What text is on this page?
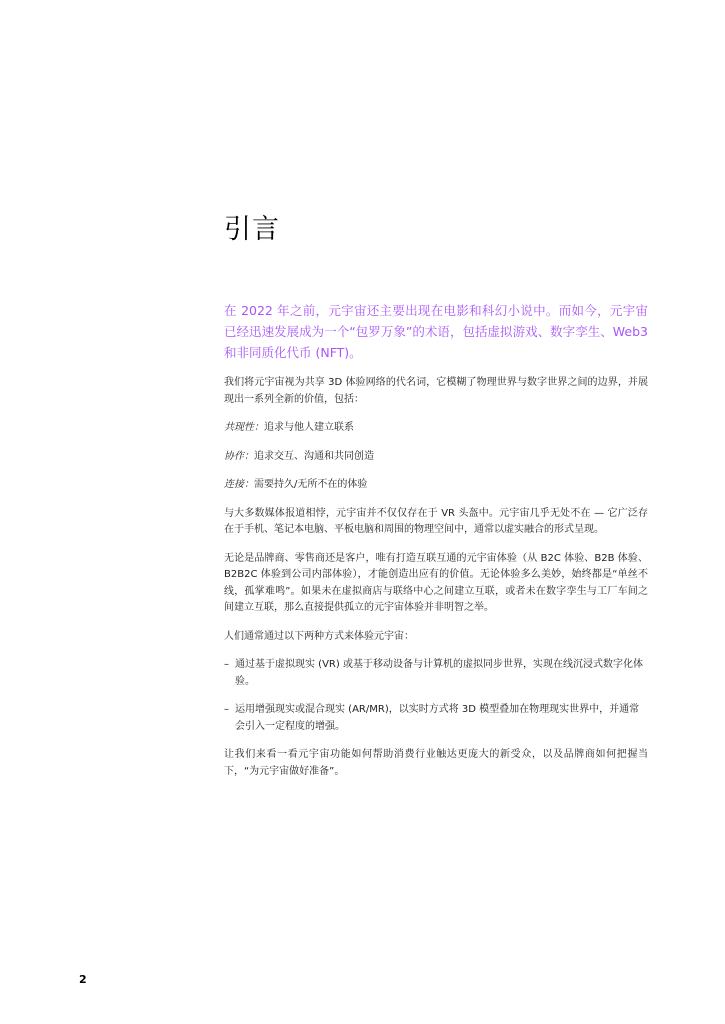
引言

在 2022 年之前，元宇宙还主要出现在电影和科幻小说中。而如今，元宇宙已经迅速发展成为一个“包罗万象”的术语，包括虚拟游戏、数字孪生、Web3 和非同质化代币 (NFT)。

我们将元宇宙视为共享 3D 体验网络的代名词，它模糊了物理世界与数字世界之间的边界，并展现出一系列全新的价值，包括：

共现性：追求与他人建立联系

协作：追求交互、沟通和共同创造

连接：需要持久/无所不在的体验

与大多数媒体报道相悖，元宇宙并不仅仅存在于 VR 头盔中。元宇宙几乎无处不在 — 它广泛存在于手机、笔记本电脑、平板电脑和周围的物理空间中，通常以虚实融合的形式呈现。

无论是品牌商、零售商还是客户，唯有打造互联互通的元宇宙体验（从 B2C 体验、B2B 体验、B2B2C 体验到公司内部体验），才能创造出应有的价值。无论体验多么美妙，始终都是“单丝不线，孤掌难鸣”。如果未在虚拟商店与联络中心之间建立互联，或者未在数字孪生与工厂车间之间建立互联，那么直接提供孤立的元宇宙体验并非明智之举。

人们通常通过以下两种方式来体验元宇宙：

– 通过基于虚拟现实 (VR) 或基于移动设备与计算机的虚拟同步世界，实现在线沉浸式数字化体验。
– 运用增强现实或混合现实 (AR/MR)，以实时方式将 3D 模型叠加在物理现实世界中，并通常会引入一定程度的增强。

让我们来看一看元宇宙功能如何帮助消费行业触达更庞大的新受众，以及品牌商如何把握当下，“为元宇宙做好准备”。

2
